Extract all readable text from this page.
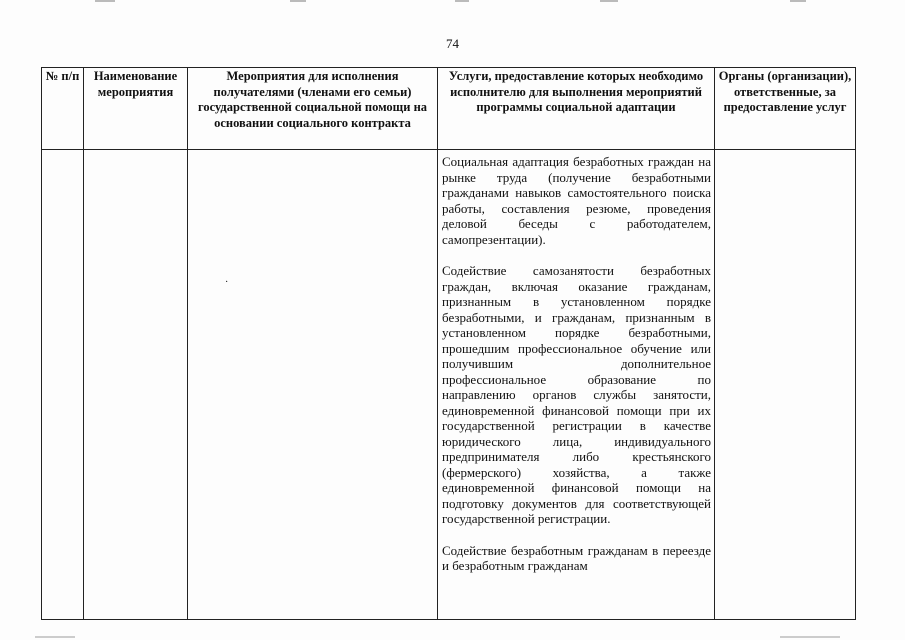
74
№ п/п	Наименование мероприятия	Мероприятия для исполнения получателями (членами его семьи) государственной социальной помощи на основании социального контракта	Услуги, предоставление которых необходимо исполнителю для выполнения мероприятий программы социальной адаптации	Органы (организации), ответственные, за предоставление услуг

		·	Социальная адаптация безработных граждан на рынке труда (получение безработными гражданами навыков самостоятельного поиска работы, составления резюме, проведения деловой беседы с работодателем, самопрезентации).

Содействие самозанятости безработных граждан, включая оказание гражданам, признанным в установленном порядке безработными, и гражданам, признанным в установленном порядке безработными, прошедшим профессиональное обучение или получившим дополнительное профессиональное образование по направлению органов службы занятости, единовременной финансовой помощи при их государственной регистрации в качестве юридического лица, индивидуального предпринимателя либо крестьянского (фермерского) хозяйства, а также единовременной финансовой помощи на подготовку документов для соответствующей государственной регистрации.

Содействие безработным гражданам в переезде и безработным гражданам	
